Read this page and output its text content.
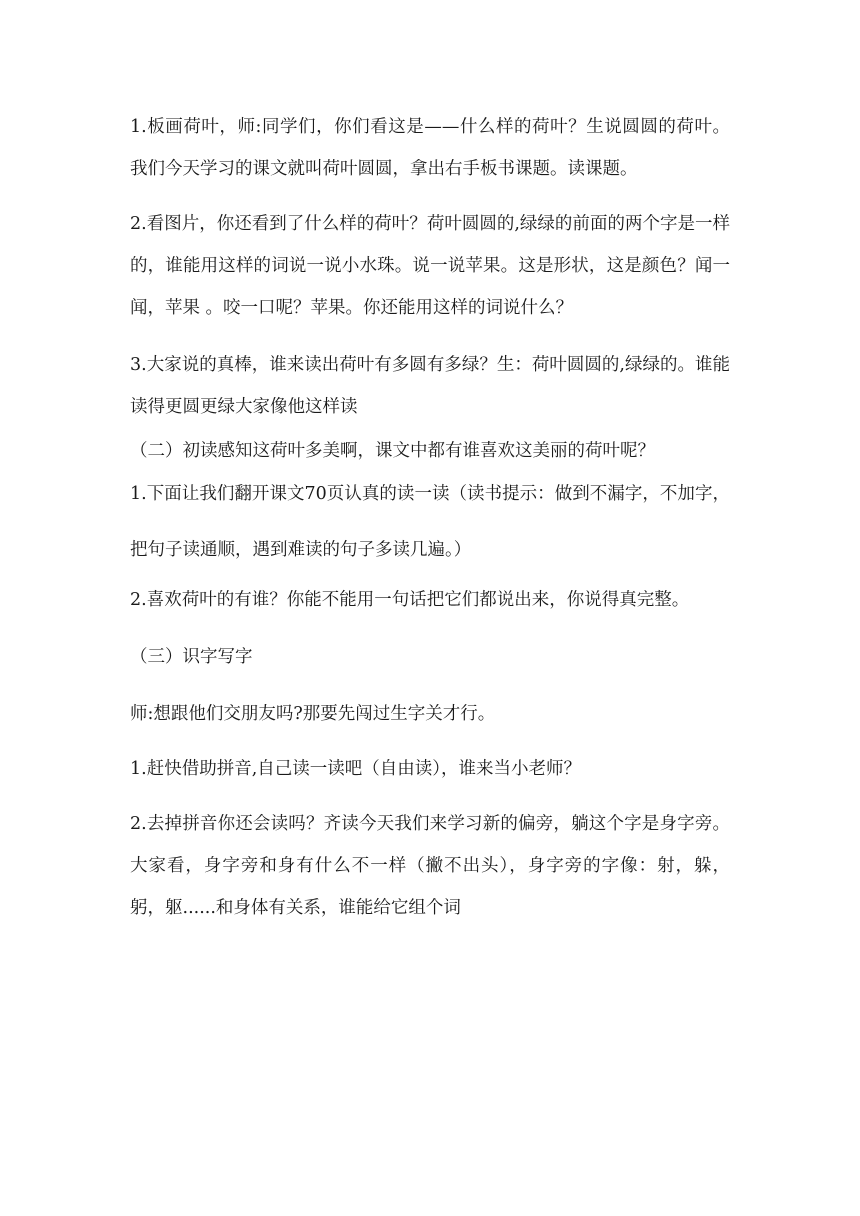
1.板画荷叶，师:同学们，你们看这是——什么样的荷叶？生说圆圆的荷叶。我们今天学习的课文就叫荷叶圆圆，拿出右手板书课题。读课题。

2.看图片，你还看到了什么样的荷叶？荷叶圆圆的,绿绿的前面的两个字是一样的，谁能用这样的词说一说小水珠。说一说苹果。这是形状，这是颜色？闻一闻，苹果 。咬一口呢？苹果。你还能用这样的词说什么？

3.大家说的真棒，谁来读出荷叶有多圆有多绿？生：荷叶圆圆的,绿绿的。谁能读得更圆更绿大家像他这样读

（二）初读感知这荷叶多美啊，课文中都有谁喜欢这美丽的荷叶呢？

1.下面让我们翻开课文70页认真的读一读（读书提示：做到不漏字，不加字，把句子读通顺，遇到难读的句子多读几遍。）

2.喜欢荷叶的有谁？你能不能用一句话把它们都说出来，你说得真完整。

（三）识字写字

师:想跟他们交朋友吗?那要先闯过生字关才行。

1.赶快借助拼音,自己读一读吧（自由读），谁来当小老师？

2.去掉拼音你还会读吗？齐读今天我们来学习新的偏旁，躺这个字是身字旁。大家看，身字旁和身有什么不一样（撇不出头），身字旁的字像：射，躲，躬，躯......和身体有关系，谁能给它组个词
